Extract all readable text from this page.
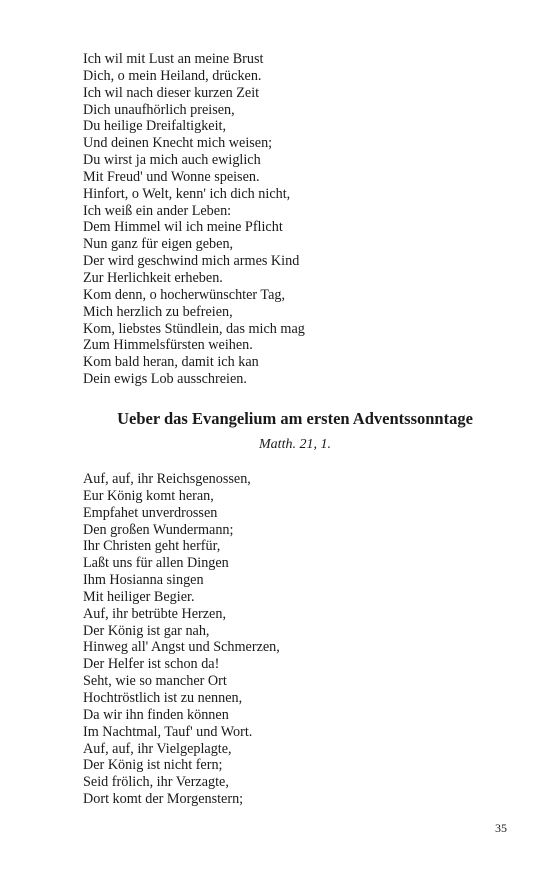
Ich wil mit Lust an meine Brust
Dich, o mein Heiland, drücken.
Ich wil nach dieser kurzen Zeit
Dich unaufhörlich preisen,
Du heilige Dreifaltigkeit,
Und deinen Knecht mich weisen;
Du wirst ja mich auch ewiglich
Mit Freud' und Wonne speisen.
Hinfort, o Welt, kenn' ich dich nicht,
Ich weiß ein ander Leben:
Dem Himmel wil ich meine Pflicht
Nun ganz für eigen geben,
Der wird geschwind mich armes Kind
Zur Herlichkeit erheben.
Kom denn, o hocherwünschter Tag,
Mich herzlich zu befreien,
Kom, liebstes Stündlein, das mich mag
Zum Himmelsfürsten weihen.
Kom bald heran, damit ich kan
Dein ewigs Lob ausschreien.
Ueber das Evangelium am ersten Adventssonntage

Matth. 21, 1.

Auf, auf, ihr Reichsgenossen,
Eur König komt heran,
Empfahet unverdrossen
Den großen Wundermann;
Ihr Christen geht herfür,
Laßt uns für allen Dingen
Ihm Hosianna singen
Mit heiliger Begier.
Auf, ihr betrübte Herzen,
Der König ist gar nah,
Hinweg all' Angst und Schmerzen,
Der Helfer ist schon da!
Seht, wie so mancher Ort
Hochtröstlich ist zu nennen,
Da wir ihn finden können
Im Nachtmal, Tauf' und Wort.
Auf, auf, ihr Vielgeplagte,
Der König ist nicht fern;
Seid frölich, ihr Verzagte,
Dort komt der Morgenstern;
35
